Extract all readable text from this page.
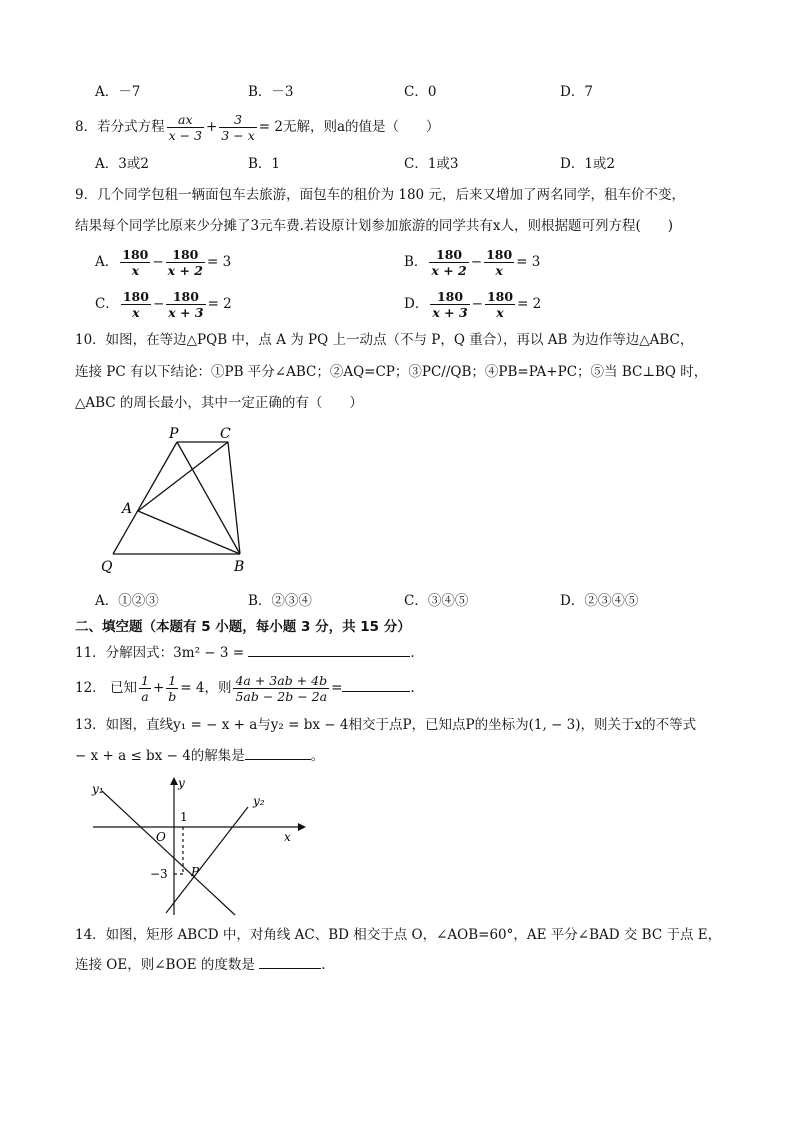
A．－7	B．－3	C．0	D．7
8．若分式方程 $\frac{ax}{x - 3} + \frac{3}{3 - x} = 2$无解，则a的值是（　　）
A．3或2	B．1	C．1或3	D．1或2
9．几个同学包租一辆面包车去旅游，面包车的租价为 180 元，后来又增加了两名同学，租车价不变，
结果每个同学比原来少分摊了3元车费.若设原计划参加旅游的同学共有x人，则根据题可列方程(　　)
A． $\frac{180}{x} - \frac{180}{x + 2} = 3$	B． $\frac{180}{x + 2} - \frac{180}{x} = 3$
C． $\frac{180}{x} - \frac{180}{x + 3} = 2$	D． $\frac{180}{x + 3} - \frac{180}{x} = 2$
10．如图，在等边△PQB 中，点 A 为 PQ 上一动点（不与 P，Q 重合），再以 AB 为边作等边△ABC，
连接 PC 有以下结论：①PB 平分∠ABC；②AQ=CP；③PC//QB；④PB=PA+PC；⑤当 BC⊥BQ 时，
△ABC 的周长最小，其中一定正确的有（　　）
P	C
A
Q	B
A．①②③	B．②③④	C．③④⑤	D．②③④⑤
二、填空题（本题有 5 小题，每小题 3 分，共 15 分）
11．分解因式：3m² − 3 =	.
12． 已知 $\frac{1}{a} + \frac{1}{b} = 4$，则 $\frac{4a + 3ab + 4b}{5ab - 2b - 2a}$ =	.
13．如图，直线y₁ = − x + a与y₂ = bx − 4相交于点P，已知点P的坐标为(1, − 3)，则关于x的不等式
− x + a ≤ bx − 4的解集是	。
y₁	y
y₂
1
O	x
−3 P
14．如图，矩形 ABCD 中，对角线 AC、BD 相交于点 O，∠AOB=60°，AE 平分∠BAD 交 BC 于点 E，
连接 OE，则∠BOE 的度数是	.
